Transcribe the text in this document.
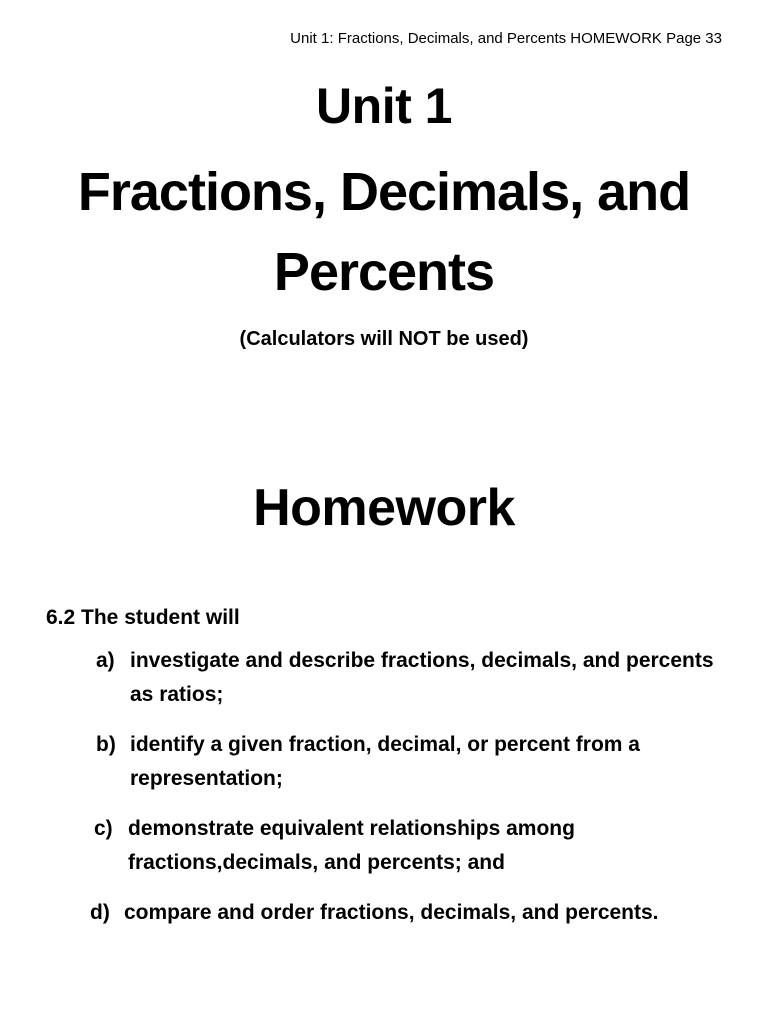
Unit 1: Fractions, Decimals, and Percents HOMEWORK Page 33
Unit 1
Fractions, Decimals, and
Percents

(Calculators will NOT be used)

Homework

6.2 The student will

a) investigate and describe fractions, decimals, and percents as ratios;
b) identify a given fraction, decimal, or percent from a representation;
c) demonstrate equivalent relationships among fractions,decimals, and percents; and
d) compare and order fractions, decimals, and percents.
